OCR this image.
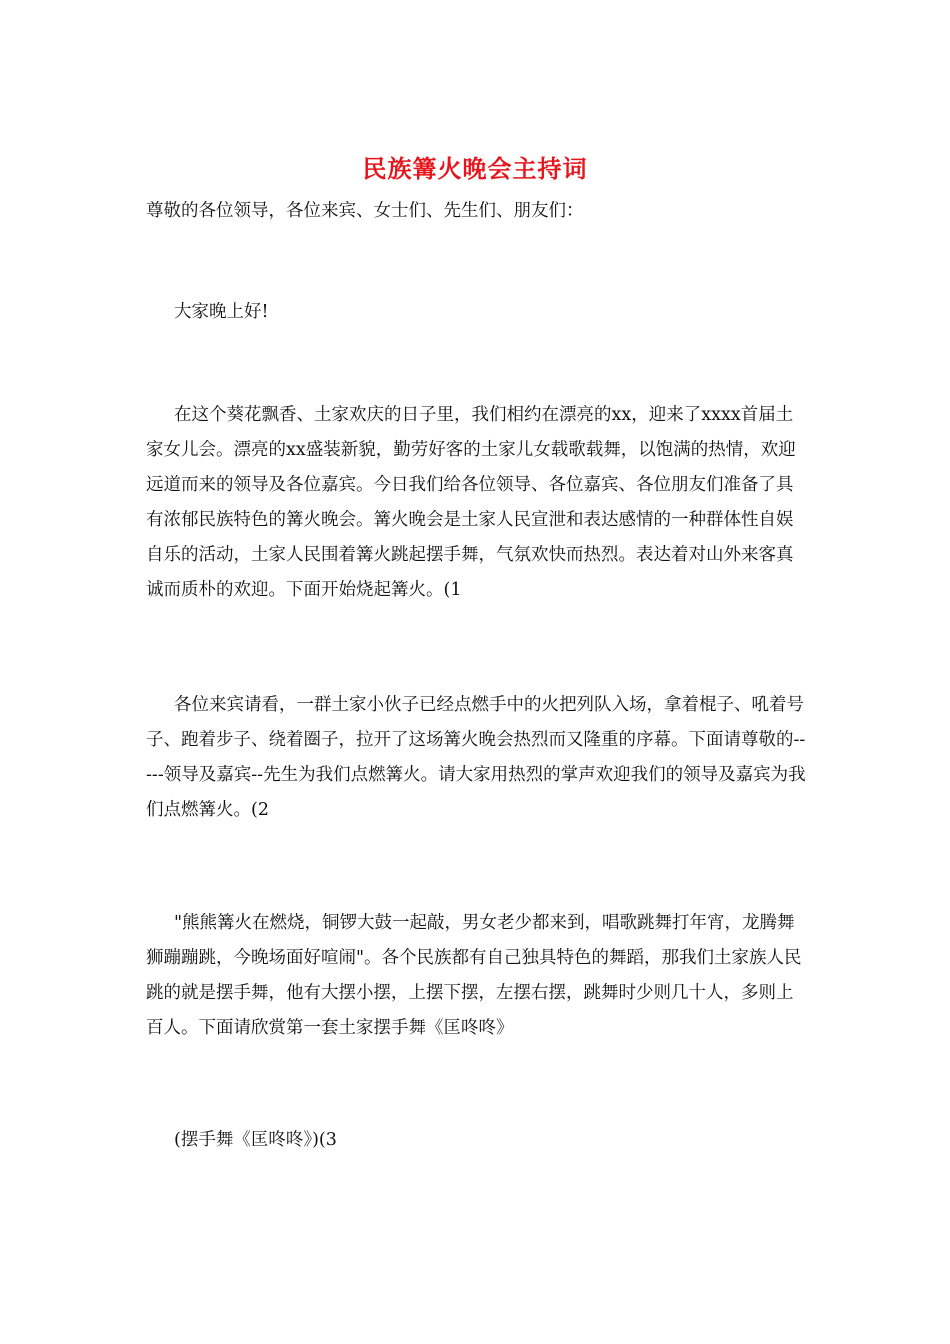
民族篝火晚会主持词

尊敬的各位领导，各位来宾、女士们、先生们、朋友们：

大家晚上好!

在这个葵花飘香、土家欢庆的日子里，我们相约在漂亮的xx，迎来了xxxx首届土家女儿会。漂亮的xx盛装新貌，勤劳好客的土家儿女载歌载舞，以饱满的热情，欢迎远道而来的领导及各位嘉宾。今日我们给各位领导、各位嘉宾、各位朋友们准备了具有浓郁民族特色的篝火晚会。篝火晚会是土家人民宣泄和表达感情的一种群体性自娱自乐的活动，土家人民围着篝火跳起摆手舞，气氛欢快而热烈。表达着对山外来客真诚而质朴的欢迎。下面开始烧起篝火。(1

各位来宾请看，一群土家小伙子已经点燃手中的火把列队入场，拿着棍子、吼着号子、跑着步子、绕着圈子，拉开了这场篝火晚会热烈而又隆重的序幕。下面请尊敬的-----领导及嘉宾--先生为我们点燃篝火。请大家用热烈的掌声欢迎我们的领导及嘉宾为我们点燃篝火。(2

"熊熊篝火在燃烧，铜锣大鼓一起敲，男女老少都来到，唱歌跳舞打年宵，龙腾舞狮蹦蹦跳，今晚场面好喧闹"。各个民族都有自己独具特色的舞蹈，那我们土家族人民跳的就是摆手舞，他有大摆小摆，上摆下摆，左摆右摆，跳舞时少则几十人，多则上百人。下面请欣赏第一套土家摆手舞《匡咚咚》

(摆手舞《匡咚咚》)(3
